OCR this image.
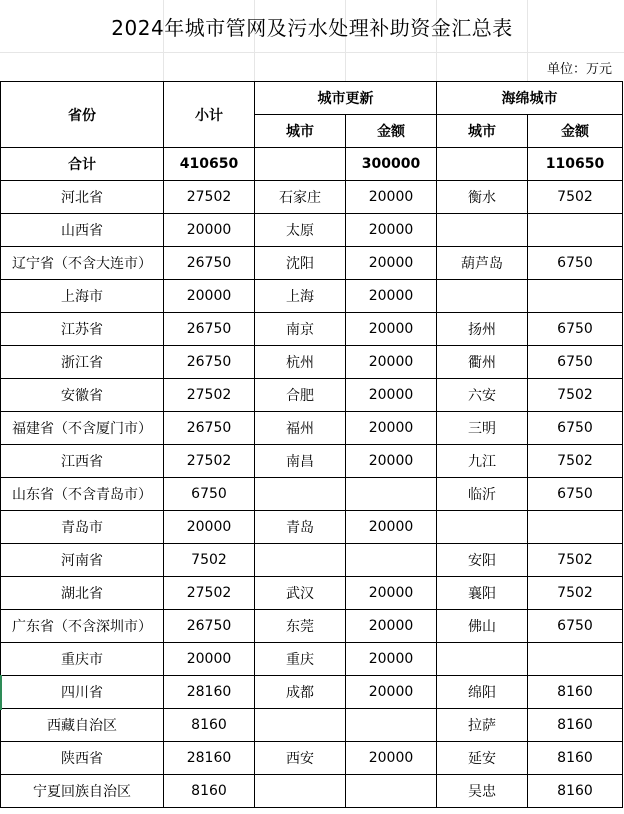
2024年城市管网及污水处理补助资金汇总表
单位：万元
省份	小计	城市更新		海绵城市	
		城市	金额	城市	金额
合计	410650		300000		110650
河北省	27502	石家庄	20000	衡水	7502
山西省	20000	太原	20000		
辽宁省（不含大连市）	26750	沈阳	20000	葫芦岛	6750
上海市	20000	上海	20000		
江苏省	26750	南京	20000	扬州	6750
浙江省	26750	杭州	20000	衢州	6750
安徽省	27502	合肥	20000	六安	7502
福建省（不含厦门市）	26750	福州	20000	三明	6750
江西省	27502	南昌	20000	九江	7502
山东省（不含青岛市）	6750			临沂	6750
青岛市	20000	青岛	20000		
河南省	7502			安阳	7502
湖北省	27502	武汉	20000	襄阳	7502
广东省（不含深圳市）	26750	东莞	20000	佛山	6750
重庆市	20000	重庆	20000		
四川省	28160	成都	20000	绵阳	8160
西藏自治区	8160			拉萨	8160
陕西省	28160	西安	20000	延安	8160
宁夏回族自治区	8160			吴忠	8160
